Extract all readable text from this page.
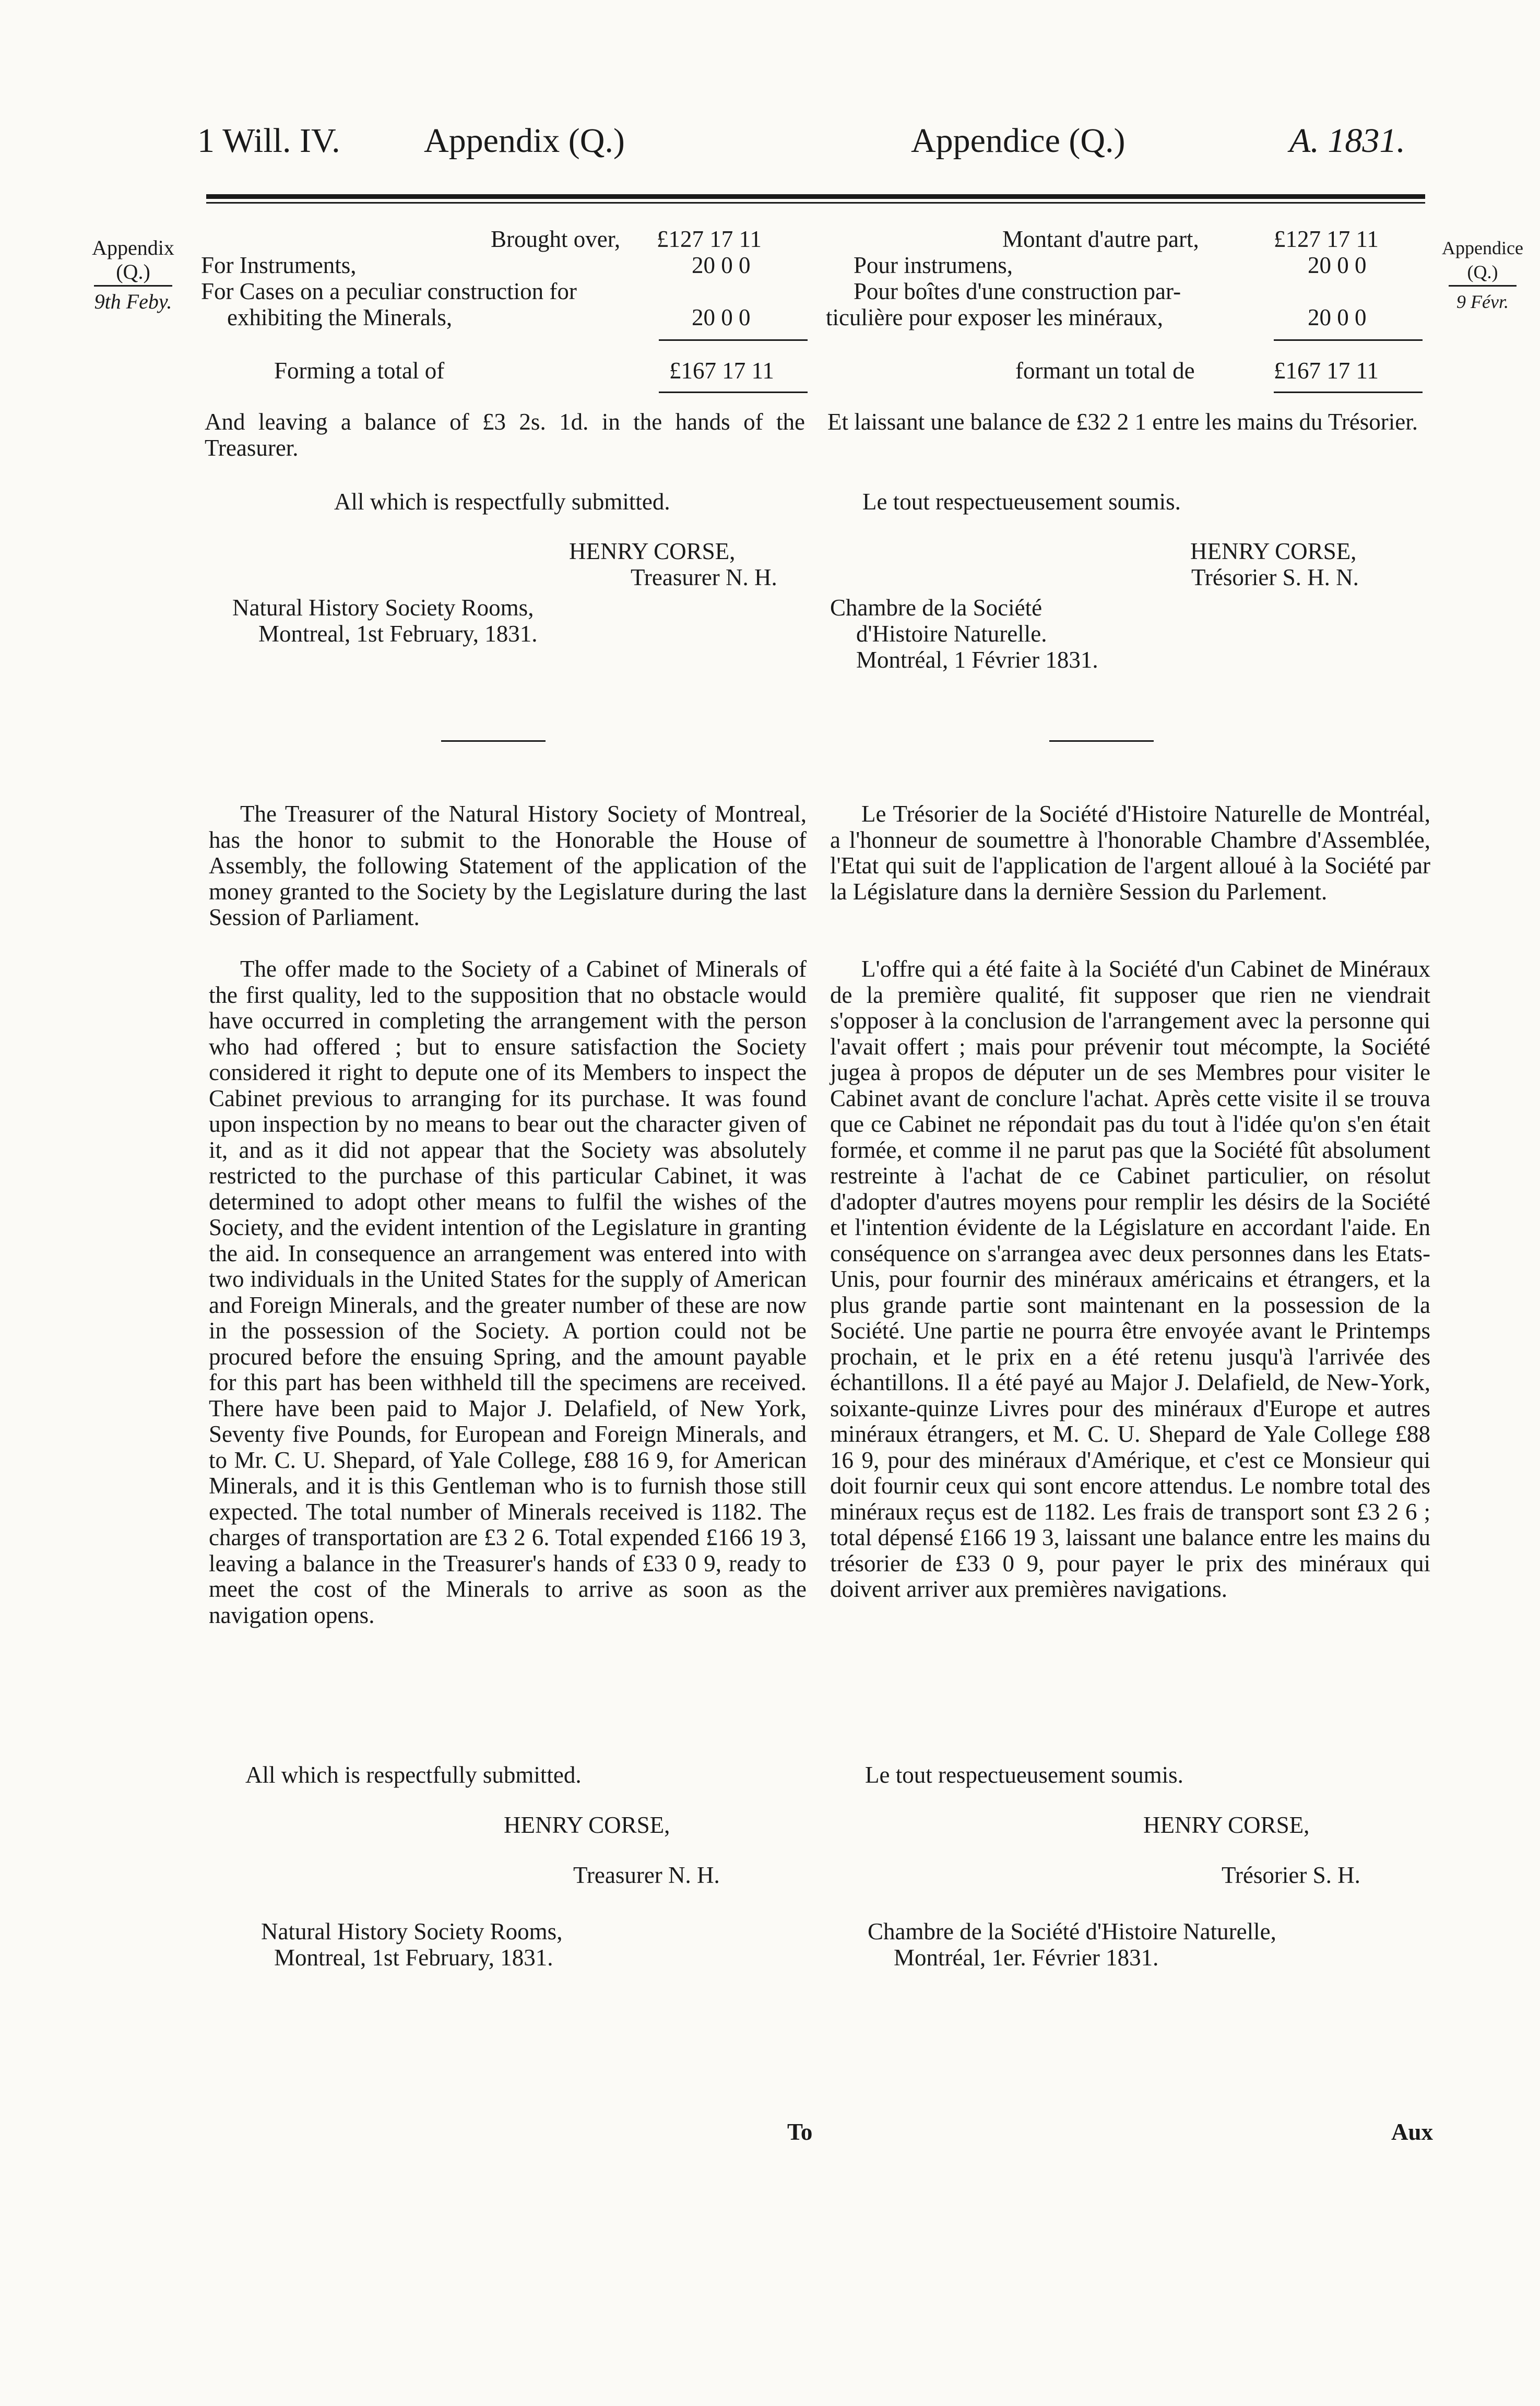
1 Will. IV. Appendix (Q.)	Appendice (Q.)	A. 1831.
Appendix
(Q.)
9th Feby.
Appendice
(Q.)
9 Févr.
Brought over, £127 17 11
For Instruments,	20 0 0
For Cases on a peculiar construction for
exhibiting the Minerals,	20 0 0
Forming a total of	£167 17 11
And leaving a balance of £3 2s. 1d. in the hands of the Treasurer.
All which is respectfully submitted.
HENRY CORSE,
Treasurer N. H.
Natural History Society Rooms,
Montreal, 1st February, 1831.
Montant d'autre part,	£127 17 11
Pour instrumens,	20 0 0
Pour boîtes d'une construction par-
ticulière pour exposer les minéraux,	20 0 0
formant un total de	£167 17 11
Et laissant une balance de £32 2 1 entre les mains du Trésorier.
Le tout respectueusement soumis.
HENRY CORSE,
Trésorier S. H. N.
Chambre de la Société
d'Histoire Naturelle.
Montréal, 1 Février 1831.
The Treasurer of the Natural History Society of Montreal, has the honor to submit to the Honorable the House of Assembly, the following Statement of the application of the money granted to the Society by the Legislature during the last Session of Parliament.
The offer made to the Society of a Cabinet of Minerals of the first quality, led to the supposition that no obstacle would have occurred in completing the arrangement with the person who had offered ; but to ensure satisfaction the Society considered it right to depute one of its Members to inspect the Cabinet previous to arranging for its purchase. It was found upon inspection by no means to bear out the character given of it, and as it did not appear that the Society was absolutely restricted to the purchase of this particular Cabinet, it was determined to adopt other means to fulfil the wishes of the Society, and the evident intention of the Legislature in granting the aid. In consequence an arrangement was entered into with two individuals in the United States for the supply of American and Foreign Minerals, and the greater number of these are now in the possession of the Society. A portion could not be procured before the ensuing Spring, and the amount payable for this part has been withheld till the specimens are received. There have been paid to Major J. Delafield, of New York, Seventy five Pounds, for European and Foreign Minerals, and to Mr. C. U. Shepard, of Yale College, £88 16 9, for American Minerals, and it is this Gentleman who is to furnish those still expected. The total number of Minerals received is 1182. The charges of transportation are £3 2 6. Total expended £166 19 3, leaving a balance in the Treasurer's hands of £33 0 9, ready to meet the cost of the Minerals to arrive as soon as the navigation opens.
All which is respectfully submitted.
HENRY CORSE,
Treasurer N. H.
Natural History Society Rooms,
Montreal, 1st February, 1831.
Le Trésorier de la Société d'Histoire Naturelle de Montréal, a l'honneur de soumettre à l'honorable Chambre d'Assemblée, l'Etat qui suit de l'application de l'argent alloué à la Société par la Législature dans la dernière Session du Parlement.
L'offre qui a été faite à la Société d'un Cabinet de Minéraux de la première qualité, fit supposer que rien ne viendrait s'opposer à la conclusion de l'arrangement avec la personne qui l'avait offert ; mais pour prévenir tout mécompte, la Société jugea à propos de députer un de ses Membres pour visiter le Cabinet avant de conclure l'achat. Après cette visite il se trouva que ce Cabinet ne répondait pas du tout à l'idée qu'on s'en était formée, et comme il ne parut pas que la Société fût absolument restreinte à l'achat de ce Cabinet particulier, on résolut d'adopter d'autres moyens pour remplir les désirs de la Société et l'intention évidente de la Législature en accordant l'aide. En conséquence on s'arrangea avec deux personnes dans les Etats-Unis, pour fournir des minéraux américains et étrangers, et la plus grande partie sont maintenant en la possession de la Société. Une partie ne pourra être envoyée avant le Printemps prochain, et le prix en a été retenu jusqu'à l'arrivée des échantillons. Il a été payé au Major J. Delafield, de New-York, soixante-quinze Livres pour des minéraux d'Europe et autres minéraux étrangers, et M. C. U. Shepard de Yale College £88 16 9, pour des minéraux d'Amérique, et c'est ce Monsieur qui doit fournir ceux qui sont encore attendus. Le nombre total des minéraux reçus est de 1182. Les frais de transport sont £3 2 6 ; total dépensé £166 19 3, laissant une balance entre les mains du trésorier de £33 0 9, pour payer le prix des minéraux qui doivent arriver aux premières navigations.
Le tout respectueusement soumis.
HENRY CORSE,
Trésorier S. H.
Chambre de la Société d'Histoire Naturelle,
Montréal, 1er. Février 1831.
To	Aux
